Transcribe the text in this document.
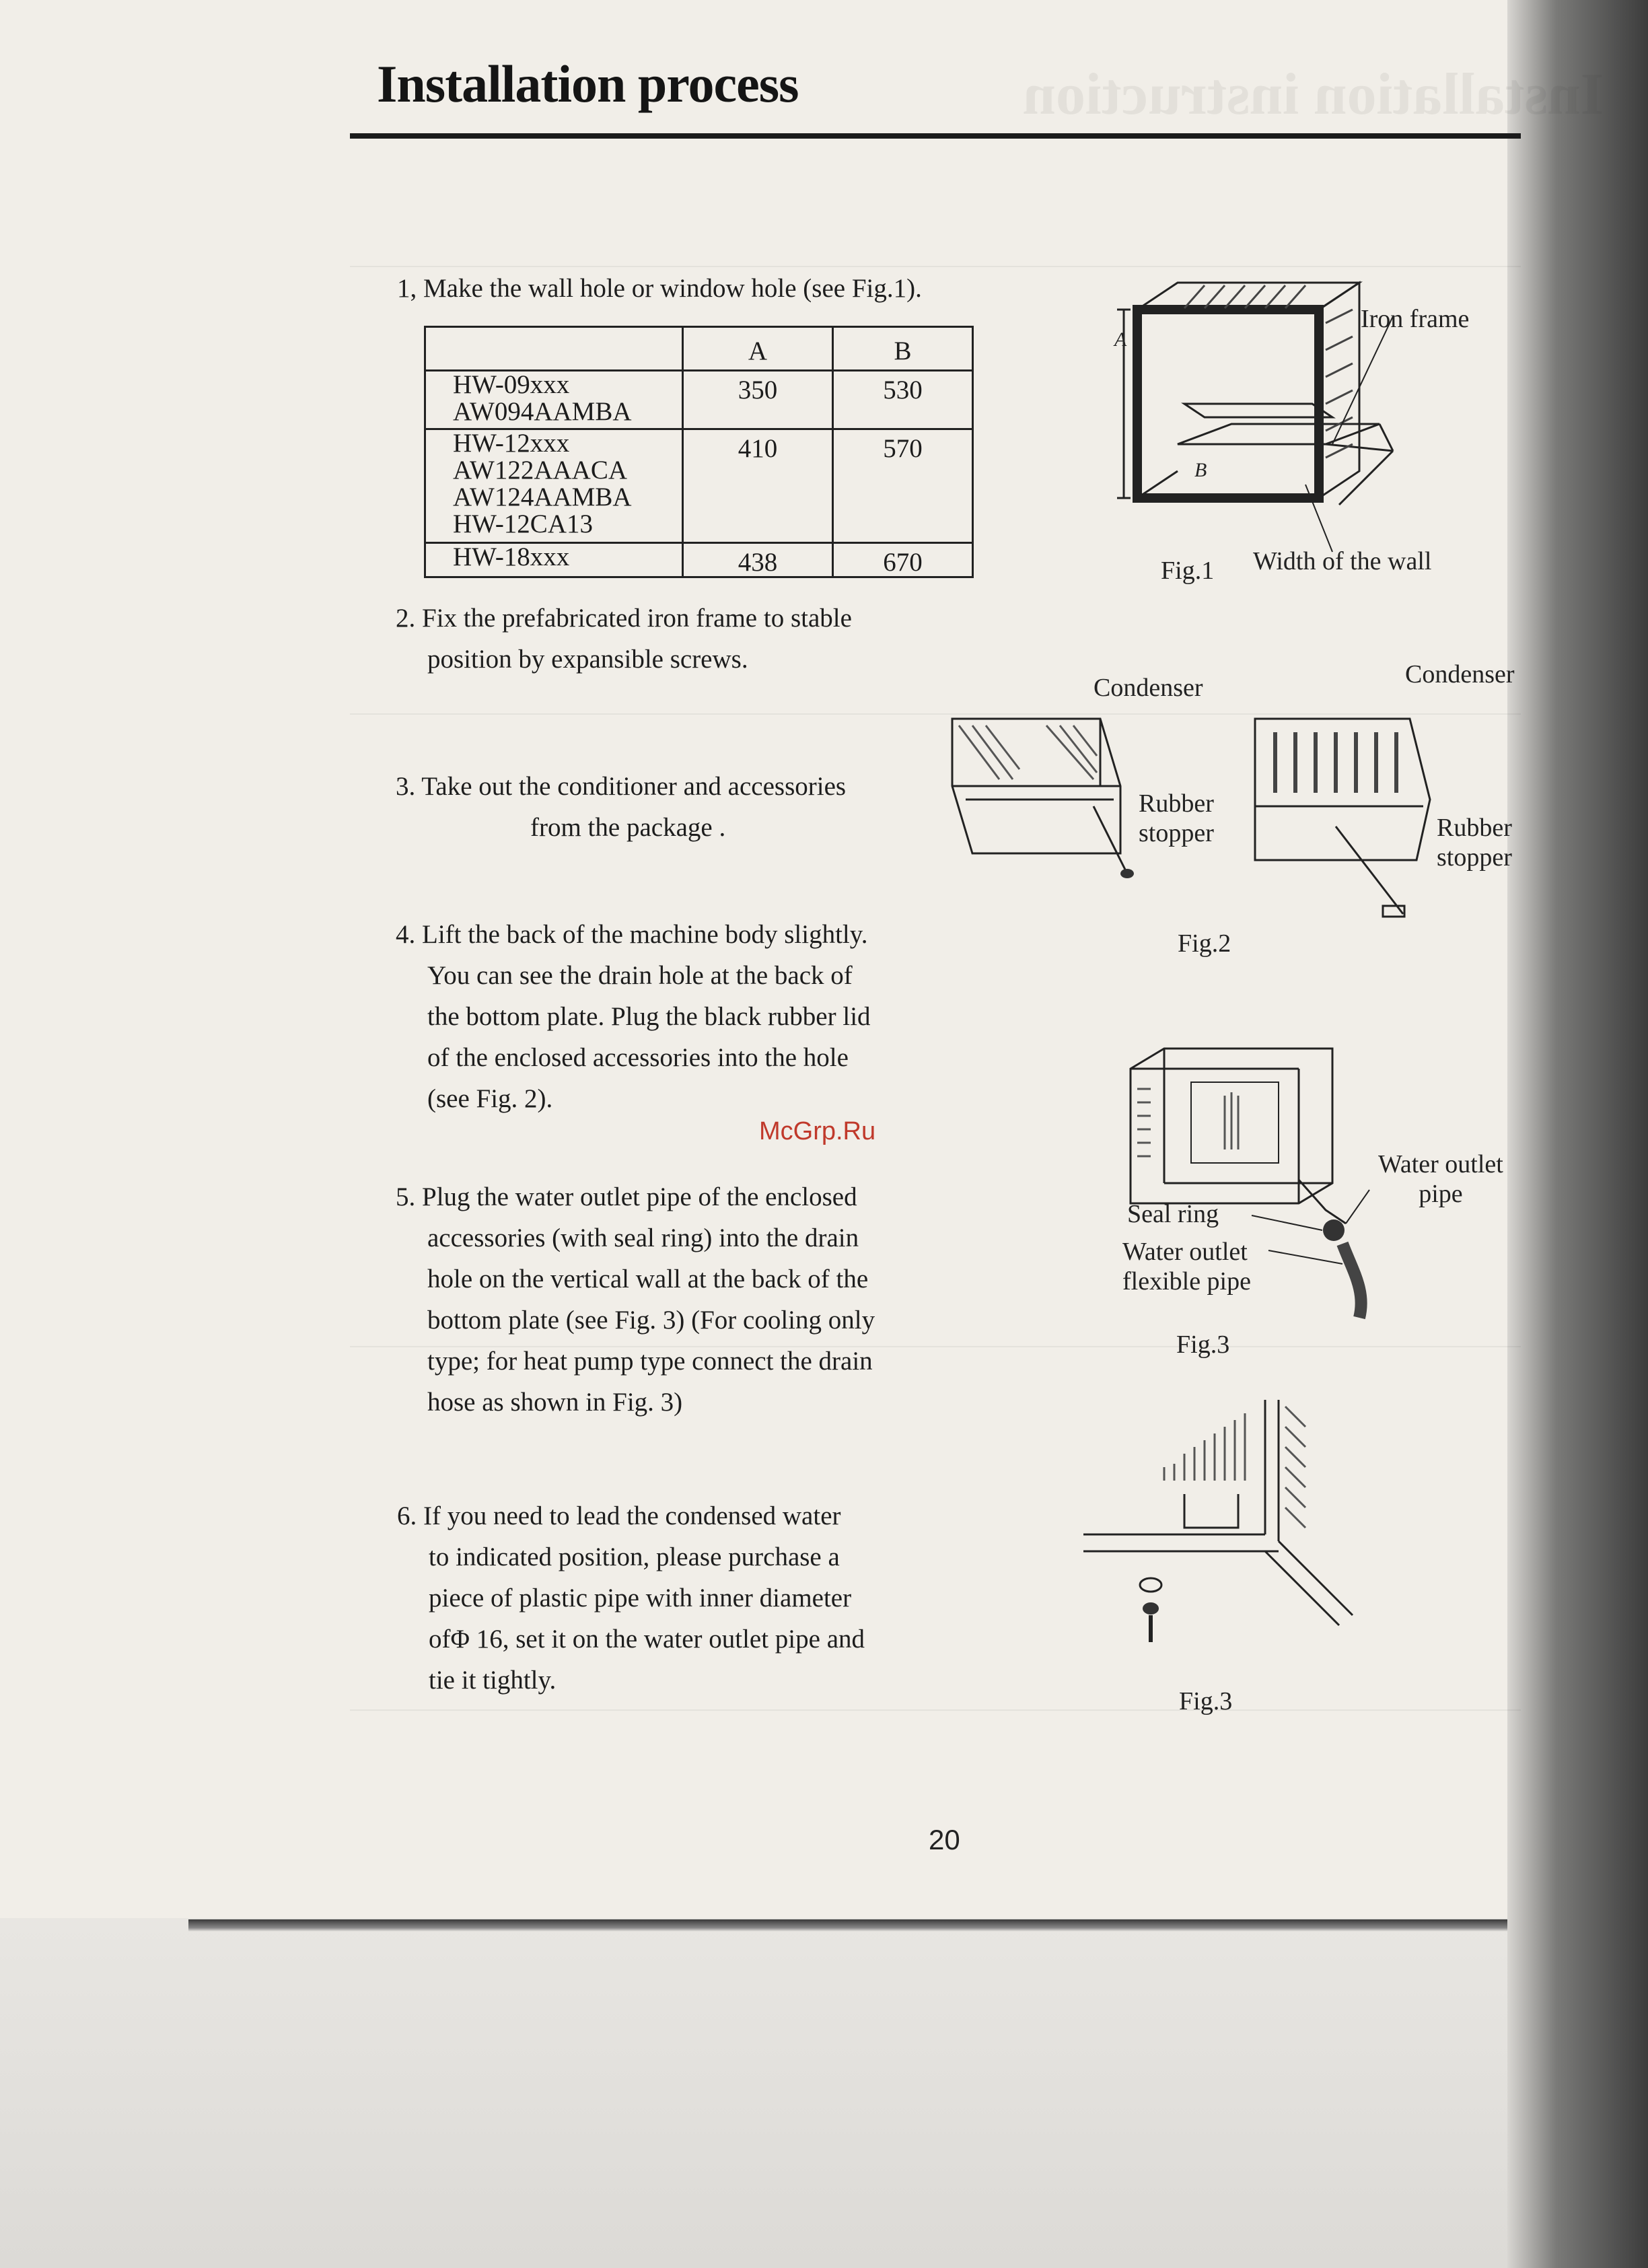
Installation instruction
Installation process

1, Make the wall hole or window hole (see Fig.1).

	A	B

HW-09xxx
AW094AAMBA	350	530

HW-12xxx
AW122AAACA
AW124AAMBA
HW-12CA13	410	570

HW-18xxx	438	670

2. Fix the prefabricated iron frame to stable

position by expansible screws.

3. Take out the conditioner and accessories

from the package .

4. Lift the back of the machine body slightly.

You can see the drain hole at the back of

the bottom plate. Plug the black rubber lid

of the enclosed accessories into the hole

(see Fig. 2).

5. Plug the water outlet pipe of the enclosed

accessories (with seal ring) into the drain

hole on the vertical wall at the back of the

bottom plate (see Fig. 3) (For cooling only

type; for heat pump type connect the drain

hose as shown in Fig. 3)

6. If you need to lead the condensed water

to indicated position, please purchase a

piece of plastic pipe with inner diameter

ofΦ 16, set it on the water outlet pipe and

tie it tightly.

A
B
Iron frame
Width of the wall
Fig.1
Condenser	Condenser
Rubber
stopper	Rubber
stopper
Fig.2
Water outlet
pipe
Seal ring
Water outlet
flexible pipe
Fig.3
Fig.3
McGrp.Ru
20
